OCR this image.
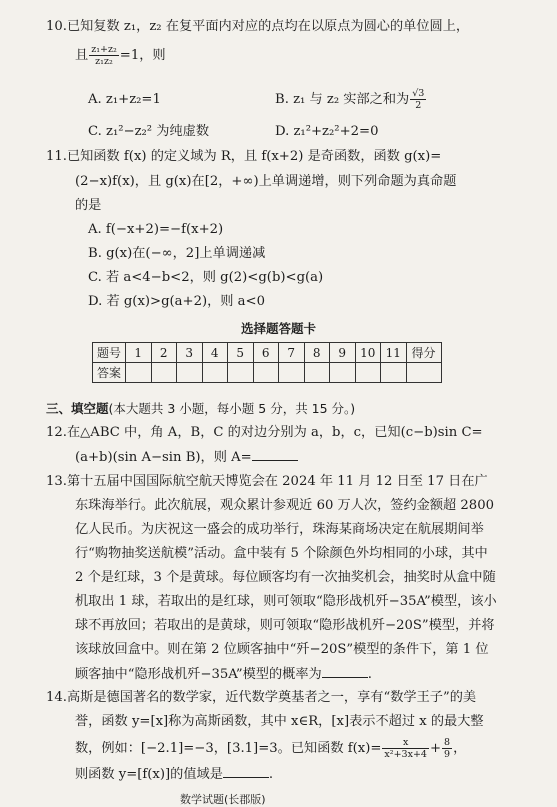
10.已知复数 z₁，z₂ 在复平面内对应的点均在以原点为圆心的单位圆上，
且 $\frac{\text{z₁+z₂}}{\text{z₁z₂}} =1$，则
A. z₁+z₂=1	B. z₁ 与 z₂ 实部之和为 $\frac{√3}{2}$
C. z₁²−z₂² 为纯虚数	D. z₁²+z₂²+2=0
11.已知函数 f(x) 的定义域为 R，且 f(x+2) 是奇函数，函数 g(x)=
(2−x)f(x)，且 g(x)在[2，+∞)上单调递增，则下列命题为真命题
的是
A. f(−x+2)=−f(x+2)
B. g(x)在(−∞，2]上单调递减
C. 若 a<4−b<2，则 g(2)<g(b)<g(a)
D. 若 g(x)>g(a+2)，则 a<0
选择题答题卡
题号	1	2	3	4	5	6	7	8	9	10	11	得分
答案												
三、填空题(本大题共 3 小题，每小题 5 分，共 15 分。)
12.在△ABC 中，角 A，B，C 的对边分别为 a，b，c，已知(c−b)sin C=
(a+b)(sin A−sin B)，则 A=
13.第十五届中国国际航空航天博览会在 2024 年 11 月 12 日至 17 日在广
东珠海举行。此次航展，观众累计参观近 60 万人次，签约金额超 2800
亿人民币。为庆祝这一盛会的成功举行，珠海某商场决定在航展期间举
行“购物抽奖送航模”活动。盒中装有 5 个除颜色外均相同的小球，其中
2 个是红球，3 个是黄球。每位顾客均有一次抽奖机会，抽奖时从盒中随
机取出 1 球，若取出的是红球，则可领取“隐形战机歼−35A”模型，该小
球不再放回；若取出的是黄球，则可领取“隐形战机歼−20S”模型，并将
该球放回盒中。则在第 2 位顾客抽中“歼−20S”模型的条件下，第 1 位
顾客抽中“隐形战机歼−35A”模型的概率为	.
14.高斯是德国著名的数学家，近代数学奠基者之一，享有“数学王子”的美
誉，函数 y=[x]称为高斯函数，其中 x∈R，[x]表示不超过 x 的最大整
数，例如：[−2.1]=−3，[3.1]=3。已知函数 $f(x)= \frac{x}{\text{x²+3x+4}} + \frac{8}{9}$ ，
则函数 y=[f(x)]的值域是	.
数学试题(长郡版)
